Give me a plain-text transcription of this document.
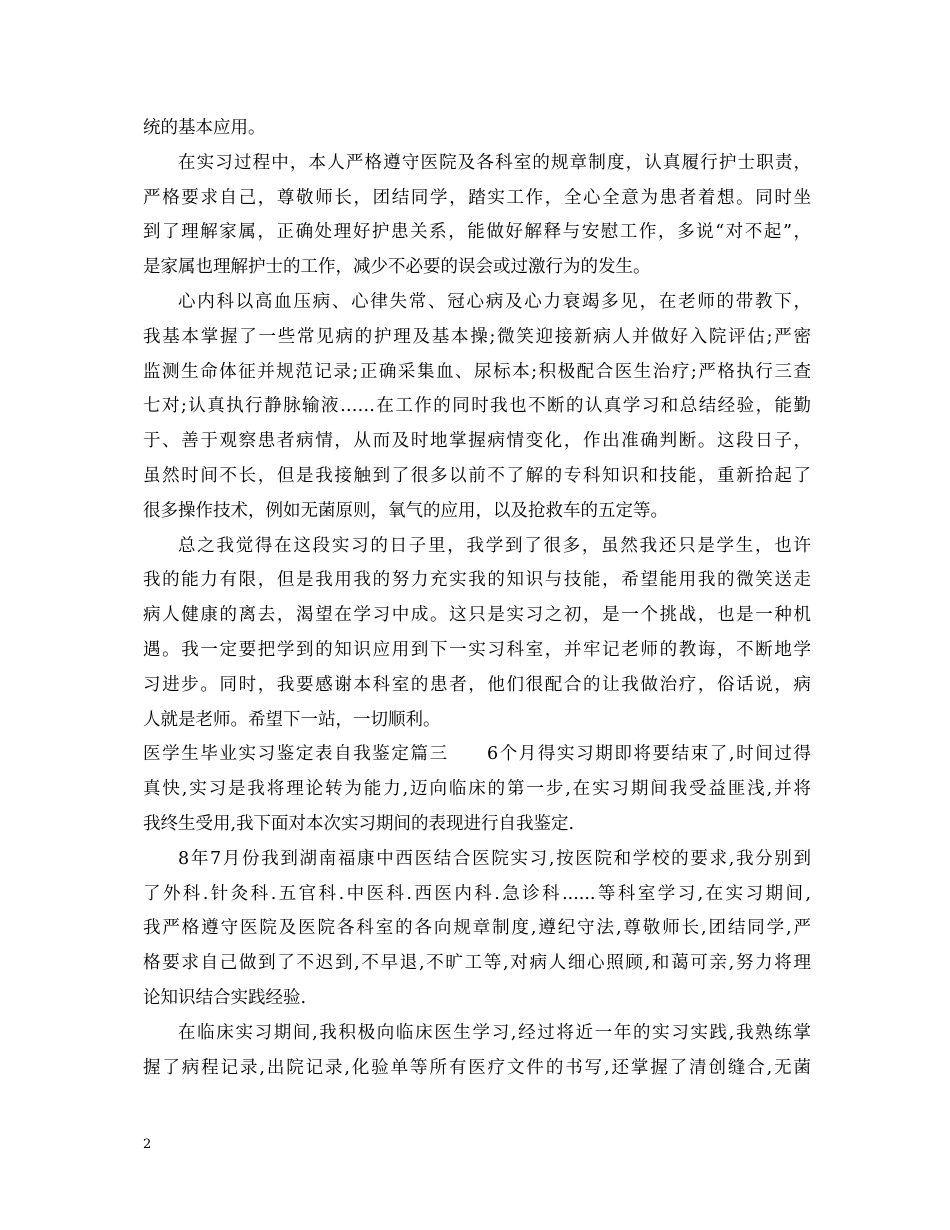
统的基本应用。
在实习过程中，本人严格遵守医院及各科室的规章制度，认真履行护士职责，
严格要求自己，尊敬师长，团结同学，踏实工作，全心全意为患者着想。同时坐
到了理解家属，正确处理好护患关系，能做好解释与安慰工作，多说“对不起”，
是家属也理解护士的工作，减少不必要的误会或过激行为的发生。
心内科以高血压病、心律失常、冠心病及心力衰竭多见，在老师的带教下，
我基本掌握了一些常见病的护理及基本操;微笑迎接新病人并做好入院评估;严密
监测生命体征并规范记录;正确采集血、尿标本;积极配合医生治疗;严格执行三查
七对;认真执行静脉输液……在工作的同时我也不断的认真学习和总结经验，能勤
于、善于观察患者病情，从而及时地掌握病情变化，作出准确判断。这段日子，
虽然时间不长，但是我接触到了很多以前不了解的专科知识和技能，重新拾起了
很多操作技术，例如无菌原则，氧气的应用，以及抢救车的五定等。
总之我觉得在这段实习的日子里，我学到了很多，虽然我还只是学生，也许
我的能力有限，但是我用我的努力充实我的知识与技能，希望能用我的微笑送走
病人健康的离去，渴望在学习中成。这只是实习之初，是一个挑战，也是一种机
遇。我一定要把学到的知识应用到下一实习科室，并牢记老师的教诲，不断地学
习进步。同时，我要感谢本科室的患者，他们很配合的让我做治疗，俗话说，病
人就是老师。希望下一站，一切顺利。
医学生毕业实习鉴定表自我鉴定篇三　　6个月得实习期即将要结束了,时间过得
真快,实习是我将理论转为能力,迈向临床的第一步,在实习期间我受益匪浅,并将
我终生受用,我下面对本次实习期间的表现进行自我鉴定.
8年7月份我到湖南福康中西医结合医院实习,按医院和学校的要求,我分别到
了外科.针灸科.五官科.中医科.西医内科.急诊科......等科室学习,在实习期间,
我严格遵守医院及医院各科室的各向规章制度,遵纪守法,尊敬师长,团结同学,严
格要求自己做到了不迟到,不早退,不旷工等,对病人细心照顾,和蔼可亲,努力将理
论知识结合实践经验.
在临床实习期间,我积极向临床医生学习,经过将近一年的实习实践,我熟练掌
握了病程记录,出院记录,化验单等所有医疗文件的书写,还掌握了清创缝合,无菌
2
